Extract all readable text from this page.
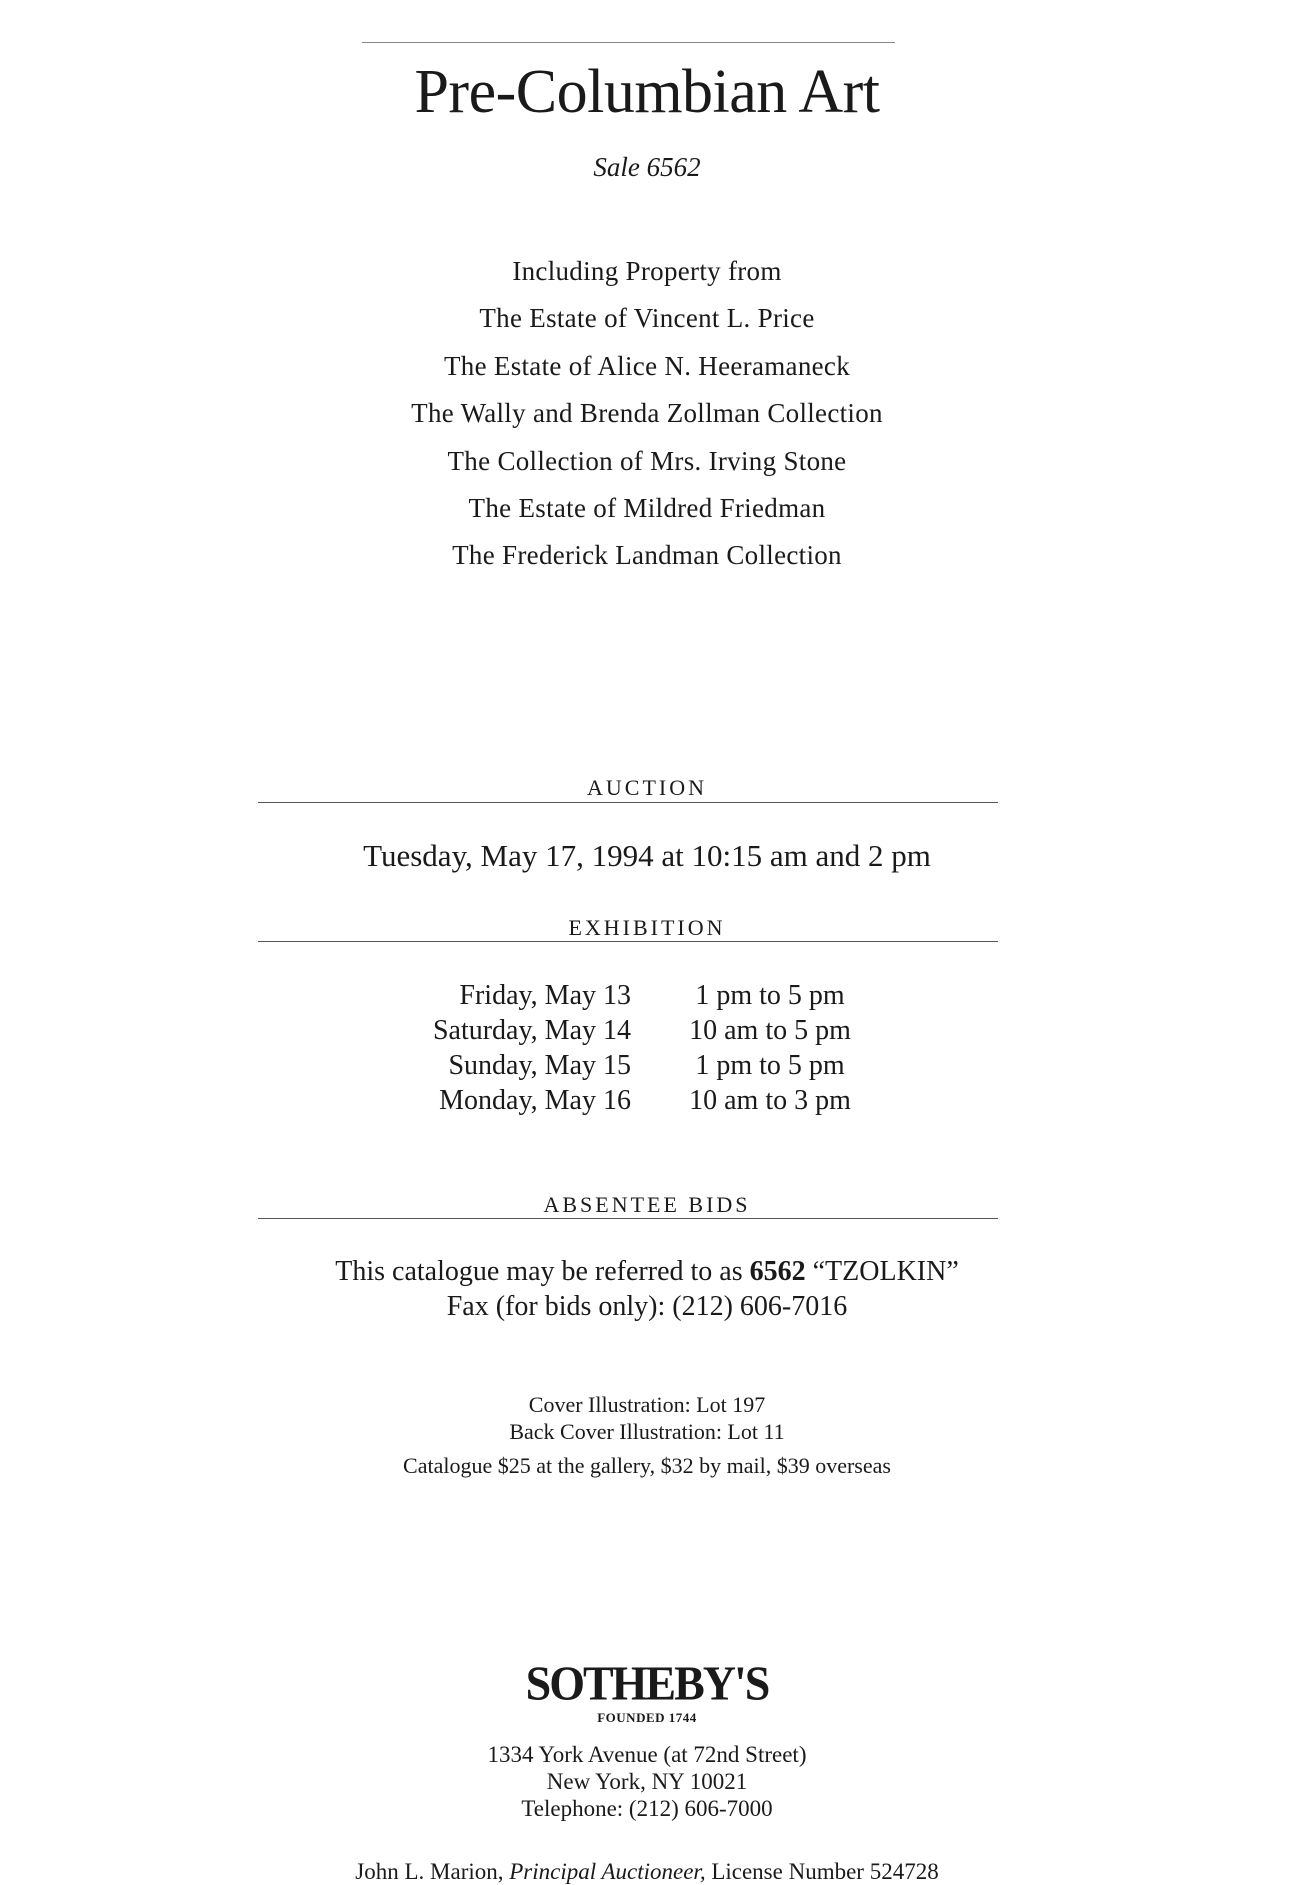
Pre-Columbian Art
Sale 6562
Including Property from
The Estate of Vincent L. Price
The Estate of Alice N. Heeramaneck
The Wally and Brenda Zollman Collection
The Collection of Mrs. Irving Stone
The Estate of Mildred Friedman
The Frederick Landman Collection
AUCTION
Tuesday, May 17, 1994 at 10:15 am and 2 pm
EXHIBITION
Friday, May 13	1 pm to 5 pm
Saturday, May 14	10 am to 5 pm
Sunday, May 15	1 pm to 5 pm
Monday, May 16	10 am to 3 pm
ABSENTEE BIDS
This catalogue may be referred to as 6562 “TZOLKIN”
Fax (for bids only): (212) 606-7016
Cover Illustration: Lot 197
Back Cover Illustration: Lot 11
Catalogue $25 at the gallery, $32 by mail, $39 overseas
SOTHEBY'S
FOUNDED 1744
1334 York Avenue (at 72nd Street)
New York, NY 10021
Telephone: (212) 606-7000
John L. Marion, Principal Auctioneer, License Number 524728
